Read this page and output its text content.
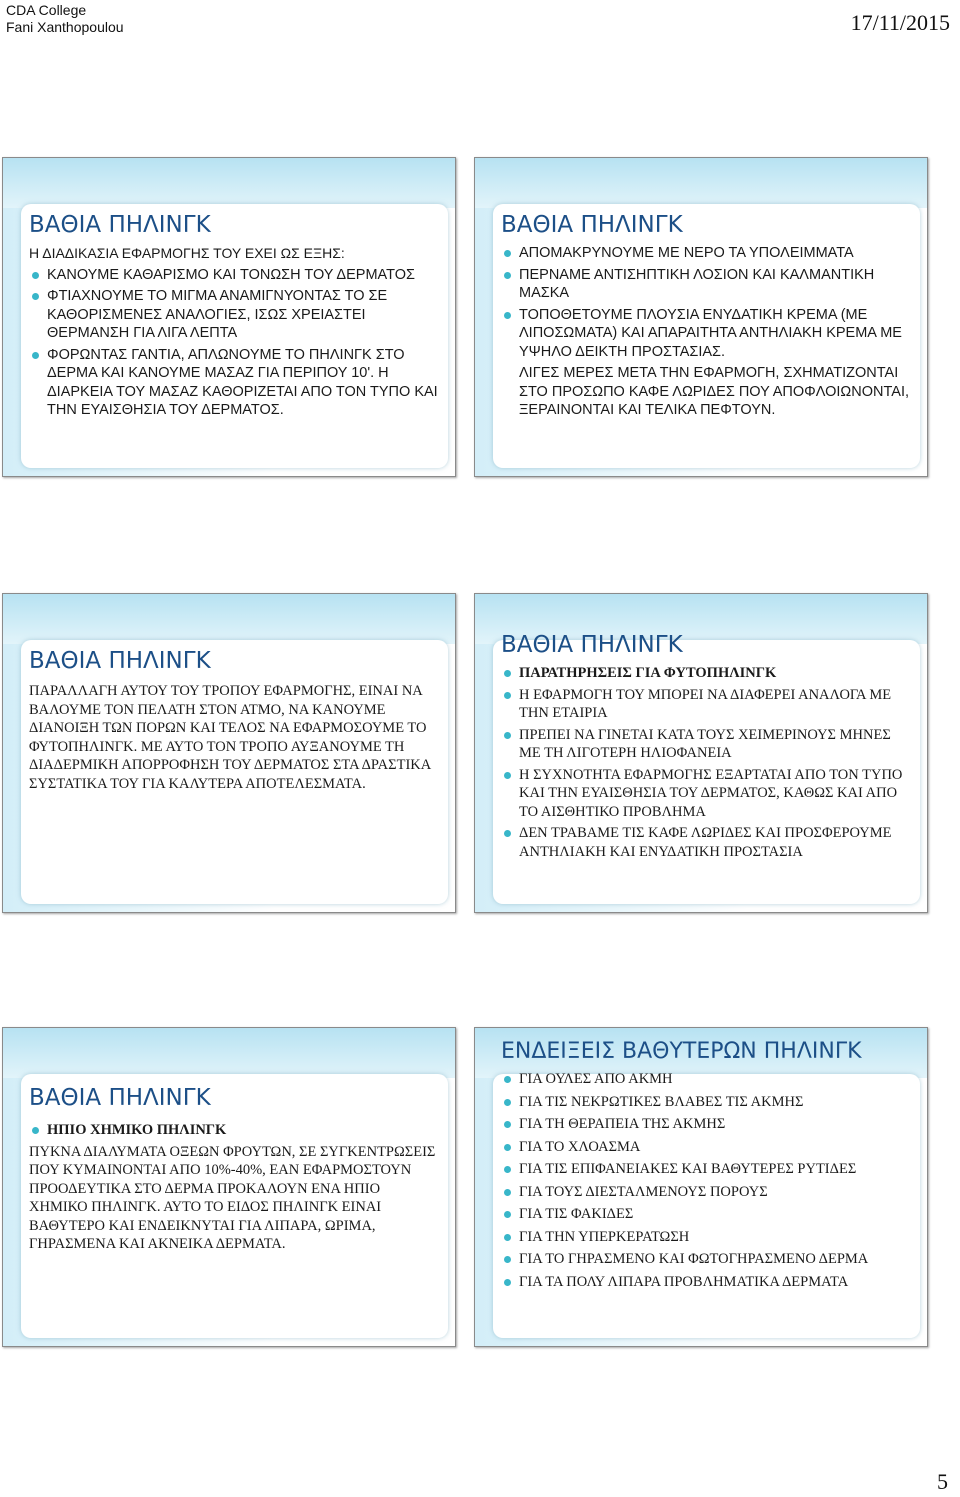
CDA College
Fani Xanthopoulou	17/11/2015
ΒΑΘΙΑ ΠΗΛΙΝΓΚ
Η ΔΙΑΔΙΚΑΣΙΑ ΕΦΑΡΜΟΓΗΣ ΤΟΥ ΕΧΕΙ ΩΣ ΕΞΗΣ:
ΚΑΝΟΥΜΕ ΚΑΘΑΡΙΣΜΟ ΚΑΙ ΤΟΝΩΣΗ ΤΟΥ ΔΕΡΜΑΤΟΣ
ΦΤΙΑΧΝΟΥΜΕ ΤΟ ΜΙΓΜΑ ΑΝΑΜΙΓΝΥΟΝΤΑΣ ΤΟ ΣΕ ΚΑΘΟΡΙΣΜΕΝΕΣ ΑΝΑΛΟΓΙΕΣ, ΙΣΩΣ ΧΡΕΙΑΣΤΕΙ ΘΕΡΜΑΝΣΗ ΓΙΑ ΛΙΓΑ ΛΕΠΤΑ
ΦΟΡΩΝΤΑΣ ΓΑΝΤΙΑ, ΑΠΛΩΝΟΥΜΕ ΤΟ ΠΗΛΙΝΓΚ ΣΤΟ ΔΕΡΜΑ ΚΑΙ ΚΑΝΟΥΜΕ ΜΑΣΑΖ ΓΙΑ ΠΕΡΙΠΟΥ 10'. Η ΔΙΑΡΚΕΙΑ ΤΟΥ ΜΑΣΑΖ ΚΑΘΟΡΙΖΕΤΑΙ ΑΠΟ ΤΟΝ ΤΥΠΟ ΚΑΙ ΤΗΝ ΕΥΑΙΣΘΗΣΙΑ ΤΟΥ ΔΕΡΜΑΤΟΣ.
ΒΑΘΙΑ ΠΗΛΙΝΓΚ
ΑΠΟΜΑΚΡΥΝΟΥΜΕ ΜΕ ΝΕΡΟ ΤΑ ΥΠΟΛΕΙΜΜΑΤΑ
ΠΕΡΝΑΜΕ ΑΝΤΙΣΗΠΤΙΚΗ ΛΟΣΙΟΝ ΚΑΙ ΚΑΛΜΑΝΤΙΚΗ ΜΑΣΚΑ
ΤΟΠΟΘΕΤΟΥΜΕ ΠΛΟΥΣΙΑ ΕΝΥΔΑΤΙΚΗ ΚΡΕΜΑ (ΜΕ ΛΙΠΟΣΩΜΑΤΑ) ΚΑΙ ΑΠΑΡΑΙΤΗΤΑ ΑΝΤΗΛΙΑΚΗ ΚΡΕΜΑ ΜΕ ΥΨΗΛΟ ΔΕΙΚΤΗ ΠΡΟΣΤΑΣΙΑΣ.
ΛΙΓΕΣ ΜΕΡΕΣ ΜΕΤΑ ΤΗΝ ΕΦΑΡΜΟΓΗ, ΣΧΗΜΑΤΙΖΟΝΤΑΙ ΣΤΟ ΠΡΟΣΩΠΟ ΚΑΦΕ ΛΩΡΙΔΕΣ ΠΟΥ ΑΠΟΦΛΟΙΩΝΟΝΤΑΙ, ΞΕΡΑΙΝΟΝΤΑΙ ΚΑΙ ΤΕΛΙΚΑ ΠΕΦΤΟΥΝ.
ΒΑΘΙΑ ΠΗΛΙΝΓΚ
ΠΑΡΑΛΛΑΓΗ ΑΥΤΟΥ ΤΟΥ ΤΡΟΠΟΥ ΕΦΑΡΜΟΓΗΣ, ΕΙΝΑΙ ΝΑ ΒΑΛΟΥΜΕ ΤΟΝ ΠΕΛΑΤΗ ΣΤΟΝ ΑΤΜΟ, ΝΑ ΚΑΝΟΥΜΕ ΔΙΑΝΟΙΞΗ ΤΩΝ ΠΟΡΩΝ ΚΑΙ ΤΕΛΟΣ ΝΑ ΕΦΑΡΜΟΣΟΥΜΕ ΤΟ ΦΥΤΟΠΗΛΙΝΓΚ. ΜΕ ΑΥΤΟ ΤΟΝ ΤΡΟΠΟ ΑΥΞΑΝΟΥΜΕ ΤΗ ΔΙΑΔΕΡΜΙΚΗ ΑΠΟΡΡΟΦΗΣΗ ΤΟΥ ΔΕΡΜΑΤΟΣ ΣΤΑ ΔΡΑΣΤΙΚΑ ΣΥΣΤΑΤΙΚΑ ΤΟΥ ΓΙΑ ΚΑΛΥΤΕΡΑ ΑΠΟΤΕΛΕΣΜΑΤΑ.
ΒΑΘΙΑ ΠΗΛΙΝΓΚ
ΠΑΡΑΤΗΡΗΣΕΙΣ ΓΙΑ ΦΥΤΟΠΗΛΙΝΓΚ
Η ΕΦΑΡΜΟΓΗ ΤΟΥ ΜΠΟΡΕΙ ΝΑ ΔΙΑΦΕΡΕΙ ΑΝΑΛΟΓΑ ΜΕ ΤΗΝ ΕΤΑΙΡΙΑ
ΠΡΕΠΕΙ ΝΑ ΓΙΝΕΤΑΙ ΚΑΤΑ ΤΟΥΣ ΧΕΙΜΕΡΙΝΟΥΣ ΜΗΝΕΣ ΜΕ ΤΗ ΛΙΓΟΤΕΡΗ ΗΛΙΟΦΑΝΕΙΑ
Η ΣΥΧΝΟΤΗΤΑ ΕΦΑΡΜΟΓΗΣ ΕΞΑΡΤΑΤΑΙ ΑΠΟ ΤΟΝ ΤΥΠΟ ΚΑΙ ΤΗΝ ΕΥΑΙΣΘΗΣΙΑ ΤΟΥ ΔΕΡΜΑΤΟΣ, ΚΑΘΩΣ ΚΑΙ ΑΠΟ ΤΟ ΑΙΣΘΗΤΙΚΟ ΠΡΟΒΛΗΜΑ
ΔΕΝ ΤΡΑΒΑΜΕ ΤΙΣ ΚΑΦΕ ΛΩΡΙΔΕΣ ΚΑΙ ΠΡΟΣΦΕΡΟΥΜΕ ΑΝΤΗΛΙΑΚΗ ΚΑΙ ΕΝΥΔΑΤΙΚΗ ΠΡΟΣΤΑΣΙΑ
ΒΑΘΙΑ ΠΗΛΙΝΓΚ
ΗΠΙΟ ΧΗΜΙΚΟ ΠΗΛΙΝΓΚ
ΠΥΚΝΑ ΔΙΑΛΥΜΑΤΑ ΟΞΕΩΝ ΦΡΟΥΤΩΝ, ΣΕ ΣΥΓΚΕΝΤΡΩΣΕΙΣ ΠΟΥ ΚΥΜΑΙΝΟΝΤΑΙ ΑΠΟ 10%-40%, ΕΑΝ ΕΦΑΡΜΟΣΤΟΥΝ ΠΡΟΟΔΕΥΤΙΚΑ ΣΤΟ ΔΕΡΜΑ ΠΡΟΚΑΛΟΥΝ ΕΝΑ ΗΠΙΟ ΧΗΜΙΚΟ ΠΗΛΙΝΓΚ. ΑΥΤΟ ΤΟ ΕΙΔΟΣ ΠΗΛΙΝΓΚ ΕΙΝΑΙ ΒΑΘΥΤΕΡΟ ΚΑΙ ΕΝΔΕΙΚΝΥΤΑΙ ΓΙΑ ΛΙΠΑΡΑ, ΩΡΙΜΑ, ΓΗΡΑΣΜΕΝΑ ΚΑΙ ΑΚΝΕΙΚΑ ΔΕΡΜΑΤΑ.
ΕΝΔΕΙΞΕΙΣ ΒΑΘΥΤΕΡΩΝ ΠΗΛΙΝΓΚ
ΓΙΑ ΟΥΛΕΣ ΑΠΟ ΑΚΜΗ
ΓΙΑ ΤΙΣ ΝΕΚΡΩΤΙΚΕΣ ΒΛΑΒΕΣ ΤΙΣ ΑΚΜΗΣ
ΓΙΑ ΤΗ ΘΕΡΑΠΕΙΑ ΤΗΣ ΑΚΜΗΣ
ΓΙΑ ΤΟ ΧΛΟΑΣΜΑ
ΓΙΑ ΤΙΣ ΕΠΙΦΑΝΕΙΑΚΕΣ ΚΑΙ ΒΑΘΥΤΕΡΕΣ ΡΥΤΙΔΕΣ
ΓΙΑ ΤΟΥΣ ΔΙΕΣΤΑΛΜΕΝΟΥΣ ΠΟΡΟΥΣ
ΓΙΑ ΤΙΣ ΦΑΚΙΔΕΣ
ΓΙΑ ΤΗΝ ΥΠΕΡΚΕΡΑΤΩΣΗ
ΓΙΑ ΤΟ ΓΗΡΑΣΜΕΝΟ ΚΑΙ ΦΩΤΟΓΗΡΑΣΜΕΝΟ ΔΕΡΜΑ
ΓΙΑ ΤΑ ΠΟΛΥ ΛΙΠΑΡΑ ΠΡΟΒΛΗΜΑΤΙΚΑ ΔΕΡΜΑΤΑ
5
